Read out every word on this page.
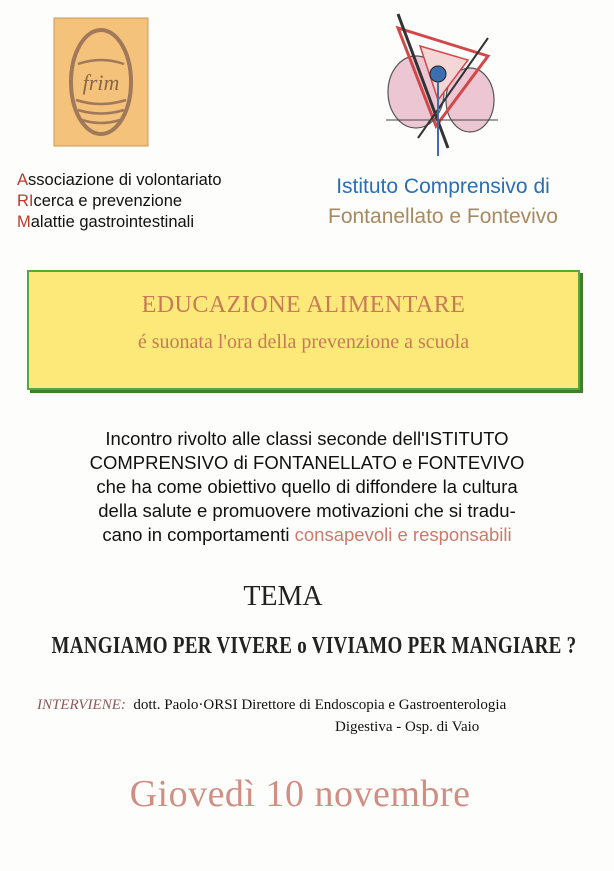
frim
Associazione di volontariato
RIcerca e prevenzione
Malattie gastrointestinali
Istituto Comprensivo di
Fontanellato e Fontevivo
EDUCAZIONE ALIMENTARE
é suonata l'ora della prevenzione a scuola
Incontro rivolto alle classi seconde dell'ISTITUTO
COMPRENSIVO di FONTANELLATO e FONTEVIVO
che ha come obiettivo quello di diffondere la cultura
della salute e promuovere motivazioni che si tradu-
cano in comportamenti consapevoli e responsabili
TEMA
MANGIAMO PER VIVERE o VIVIAMO PER MANGIARE ?
INTERVIENE: dott. Paolo·ORSI Direttore di Endoscopia e Gastroenterologia
Digestiva - Osp. di Vaio
Giovedì 10 novembre
